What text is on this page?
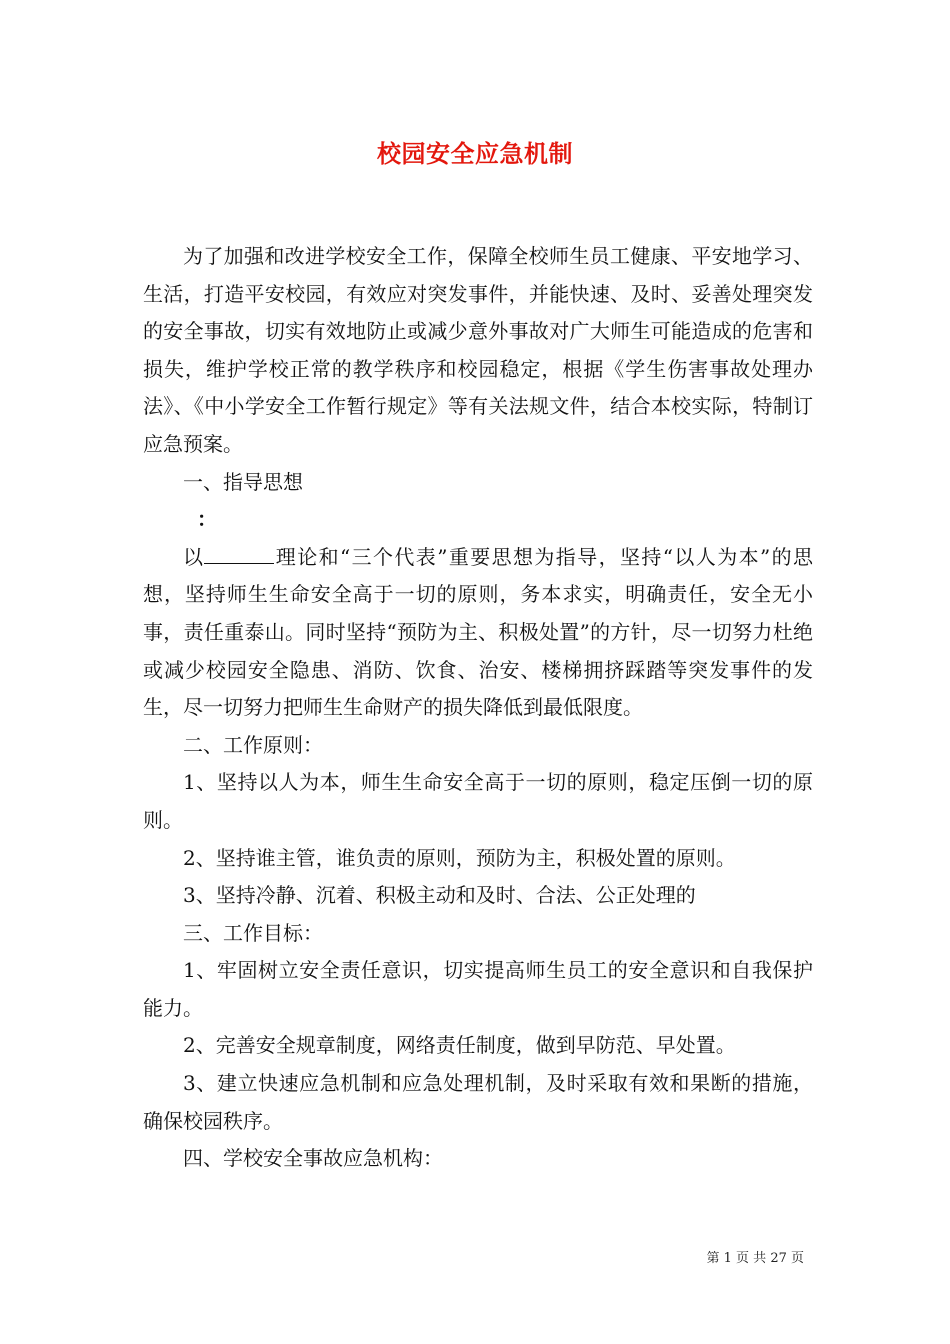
校园安全应急机制

为了加强和改进学校安全工作，保障全校师生员工健康、平安地学习、生活，打造平安校园，有效应对突发事件，并能快速、及时、妥善处理突发的安全事故，切实有效地防止或减少意外事故对广大师生可能造成的危害和损失，维护学校正常的教学秩序和校园稳定，根据《学生伤害事故处理办法》、《中小学安全工作暂行规定》等有关法规文件，结合本校实际，特制订应急预案。

一、指导思想

：

以	理论和“三个代表”重要思想为指导，坚持“以人为本”的思想，坚持师生生命安全高于一切的原则，务本求实，明确责任，安全无小事，责任重泰山。同时坚持“预防为主、积极处置”的方针，尽一切努力杜绝或减少校园安全隐患、消防、饮食、治安、楼梯拥挤踩踏等突发事件的发生，尽一切努力把师生生命财产的损失降低到最低限度。

二、工作原则：

1、坚持以人为本，师生生命安全高于一切的原则，稳定压倒一切的原则。

2、坚持谁主管，谁负责的原则，预防为主，积极处置的原则。

3、坚持冷静、沉着、积极主动和及时、合法、公正处理的

三、工作目标：

1、牢固树立安全责任意识，切实提高师生员工的安全意识和自我保护能力。

2、完善安全规章制度，网络责任制度，做到早防范、早处置。

3、建立快速应急机制和应急处理机制，及时采取有效和果断的措施，确保校园秩序。

四、学校安全事故应急机构：

第 1 页 共 27 页
